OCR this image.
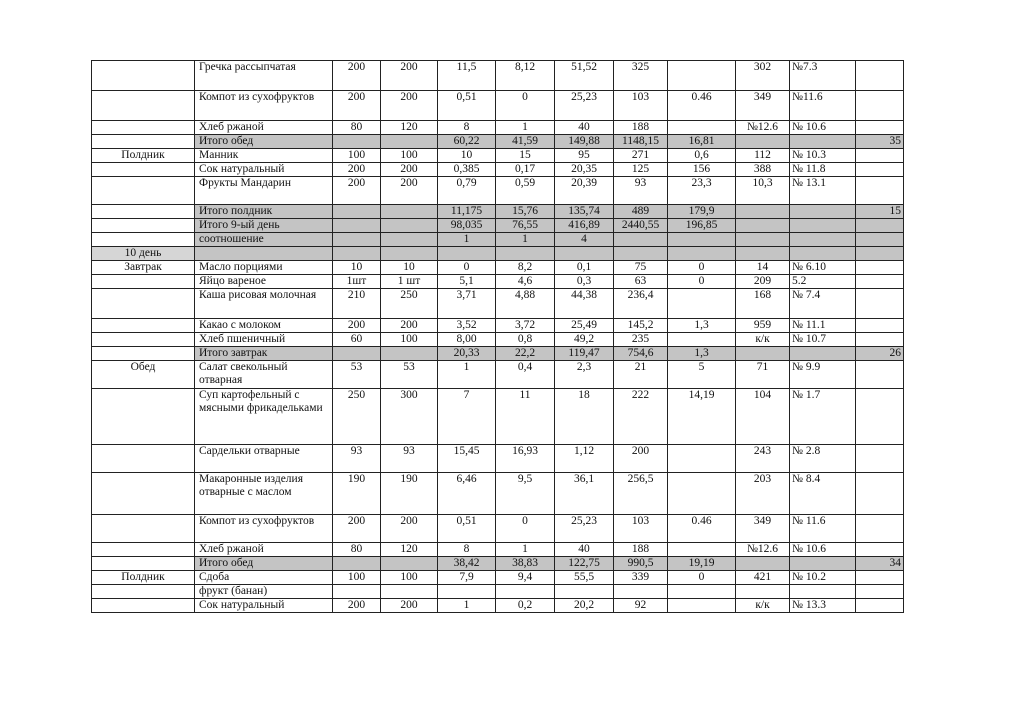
	Гречка рассыпчатая	200	200	11,5	8,12	51,52	325		302	№7.3	
	Компот из сухофруктов	200	200	0,51	0	25,23	103	0.46	349	№11.6	
	Хлеб ржаной	80	120	8	1	40	188		№12.6	№ 10.6	
	Итого обед			60,22	41,59	149,88	1148,15	16,81			35
Полдник	Манник	100	100	10	15	95	271	0,6	112	№ 10.3	
	Сок натуральный	200	200	0,385	0,17	20,35	125	156	388	№ 11.8	
	Фрукты Мандарин	200	200	0,79	0,59	20,39	93	23,3	10,3	№ 13.1	
	Итого полдник			11,175	15,76	135,74	489	179,9			15
	Итого 9-ый день			98,035	76,55	416,89	2440,55	196,85			
	соотношение			1	1	4					
10 день											
Завтрак	Масло порциями	10	10	0	8,2	0,1	75	0	14	№ 6.10	
	Яйцо вареное	1шт	1 шт	5,1	4,6	0,3	63	0	209	5.2	
	Каша рисовая молочная	210	250	3,71	4,88	44,38	236,4		168	№ 7.4	
	Какао с молоком	200	200	3,52	3,72	25,49	145,2	1,3	959	№ 11.1	
	Хлеб пшеничный	60	100	8,00	0,8	49,2	235		к/к	№ 10.7	
	Итого завтрак			20,33	22,2	119,47	754,6	1,3			26
Обед	Салат свекольный отварная	53	53	1	0,4	2,3	21	5	71	№ 9.9	
	Суп картофельный с мясными фрикадельками	250	300	7	11	18	222	14,19	104	№ 1.7	
	Сардельки отварные	93	93	15,45	16,93	1,12	200		243	№ 2.8	
	Макаронные изделия отварные с маслом	190	190	6,46	9,5	36,1	256,5		203	№ 8.4	
	Компот из сухофруктов	200	200	0,51	0	25,23	103	0.46	349	№ 11.6	
	Хлеб ржаной	80	120	8	1	40	188		№12.6	№ 10.6	
	Итого обед			38,42	38,83	122,75	990,5	19,19			34
Полдник	Сдоба	100	100	7,9	9,4	55,5	339	0	421	№ 10.2	
	фрукт (банан)										
	Сок натуральный	200	200	1	0,2	20,2	92		к/к	№ 13.3	
